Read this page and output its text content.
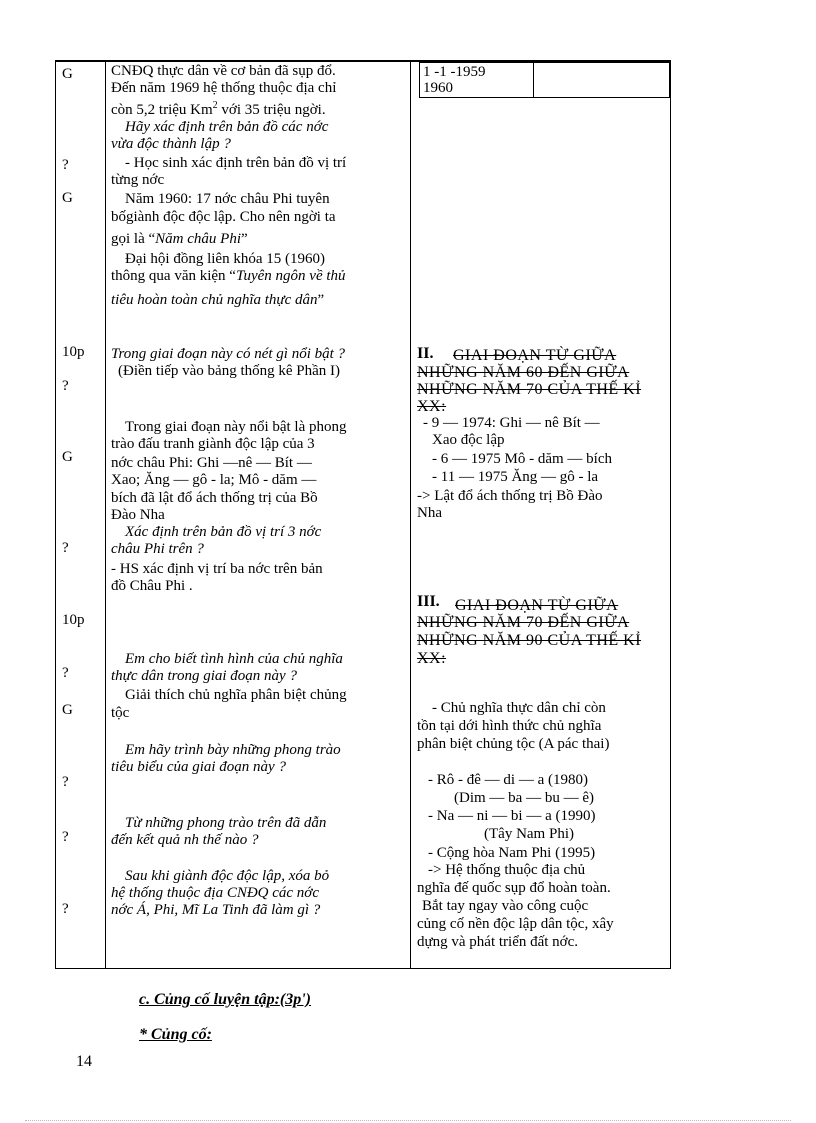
G
?
G
10p
?
G
?
10p
?
G
?
?
?
CNĐQ thực dân về cơ bản đã sụp đổ.
Đến năm 1969 hệ thống thuộc địa chỉ
còn 5,2 triệu Km$^2$ với 35 triệu ngời.
Hãy xác định trên bản đồ các nớc
vừa độc thành lập ?
- Học sinh xác định trên bản đồ vị trí
từng nớc
Năm 1960: 17 nớc châu Phi tuyên
bốgiành độc độc lập. Cho nên ngời ta
gọi là “Năm châu Phi”
Đại hội đồng liên khóa 15 (1960)
thông qua văn kiện “Tuyên ngôn về thủ
tiêu hoàn toàn chủ nghĩa thực dân”
Trong giai đoạn này có nét gì nổi bật ?
(Điền tiếp vào bảng thống kê Phần I)
Trong giai đoạn này nổi bật là phong
trào đấu tranh giành độc lập của 3
nớc châu Phi: Ghi —nê — Bít —
Xao; Ăng — gô - la; Mô - dăm —
bích đã lật đổ ách thống trị của Bồ
Đào Nha
Xác định trên bản đồ vị trí 3 nớc
châu Phi trên ?
- HS xác định vị trí ba nớc trên bản
đồ Châu Phi .
Em cho biết tình hình của chủ nghĩa
thực dân trong giai đoạn này ?
Giải thích chủ nghĩa phân biệt chủng
tộc
Em hãy trình bày những phong trào
tiêu biểu của giai đoạn này ?
Từ những phong trào trên đã dẫn
đến kết quả nh thế nào ?
Sau khi giành độc độc lập, xóa bỏ
hệ thống thuộc địa CNĐQ các nớc
nớc Á, Phi, Mĩ La Tinh đã làm gì ?
1 -1 -1959
1960
II. GIAI ĐOẠN TỪ GIỮA
NHỮNG NĂM 60 ĐẾN GIỮA
NHỮNG NĂM 70 CỦA THẾ KỈ
XX:
- 9 — 1974: Ghi — nê Bít —
Xao độc lập
- 6 — 1975 Mô - dăm — bích
- 11 — 1975 Ăng — gô - la
-> Lật đổ ách thống trị Bồ Đào
Nha
III. GIAI ĐOẠN TỪ GIỮA
NHỮNG NĂM 70 ĐẾN GIỮA
NHỮNG NĂM 90 CỦA THẾ KỈ
XX:
- Chủ nghĩa thực dân chỉ còn
tồn tại dới hình thức chủ nghĩa
phân biệt chủng tộc (A pác thai)
- Rô - đê — di — a (1980)
(Dim — ba — bu — ê)
- Na — ni — bi — a (1990)
(Tây Nam Phi)
- Cộng hòa Nam Phi (1995)
-> Hệ thống thuộc địa chủ
nghĩa đế quốc sụp đổ hoàn toàn.
Bắt tay ngay vào công cuộc
củng cố nền độc lập dân tộc, xây
dựng và phát triển đất nớc.
c. Củng cố luyện tập:(3p')
* Củng cố:
14
